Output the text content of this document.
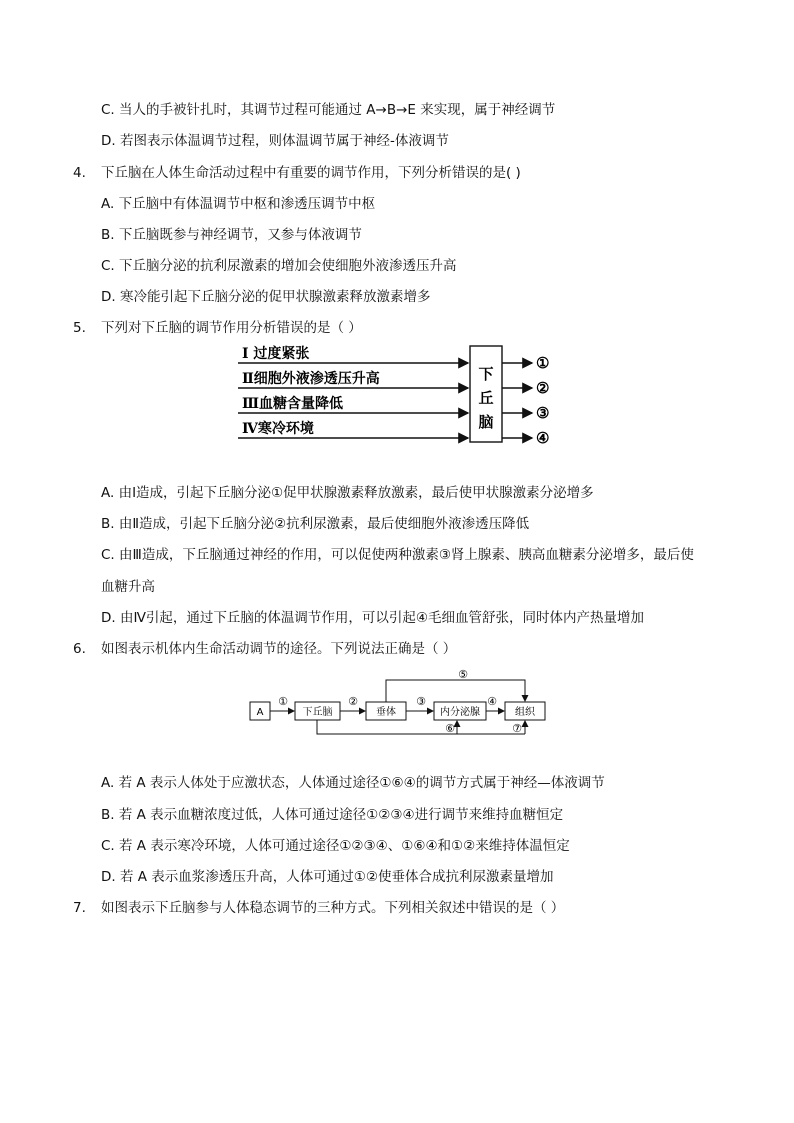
C. 当人的手被针扎时，其调节过程可能通过 A→B→E 来实现，属于神经调节
D. 若图表示体温调节过程，则体温调节属于神经-体液调节
4. 下丘脑在人体生命活动过程中有重要的调节作用，下列分析错误的是( )
A. 下丘脑中有体温调节中枢和渗透压调节中枢
B. 下丘脑既参与神经调节，又参与体液调节
C. 下丘脑分泌的抗利尿激素的增加会使细胞外液渗透压升高
D. 寒冷能引起下丘脑分泌的促甲状腺激素释放激素增多
5. 下列对下丘脑的调节作用分析错误的是（ ）
Ⅰ 过度紧张
Ⅱ细胞外液渗透压升高
Ⅲ血糖含量降低
Ⅳ寒冷环境
下
丘
脑
①
②
③
④
A. 由Ⅰ造成，引起下丘脑分泌①促甲状腺激素释放激素，最后使甲状腺激素分泌增多
B. 由Ⅱ造成，引起下丘脑分泌②抗利尿激素，最后使细胞外液渗透压降低
C. 由Ⅲ造成，下丘脑通过神经的作用，可以促使两种激素③肾上腺素、胰高血糖素分泌增多，最后使
血糖升高
D. 由Ⅳ引起，通过下丘脑的体温调节作用，可以引起④毛细血管舒张，同时体内产热量增加
6. 如图表示机体内生命活动调节的途径。下列说法正确是（ ）
A	下丘脑	垂体	内分泌腺	组织
①	②	③	④
⑤
⑥	⑦
A. 若 A 表示人体处于应激状态，人体通过途径①⑥④的调节方式属于神经—体液调节
B. 若 A 表示血糖浓度过低，人体可通过途径①②③④进行调节来维持血糖恒定
C. 若 A 表示寒冷环境，人体可通过途径①②③④、①⑥④和①②来维持体温恒定
D. 若 A 表示血浆渗透压升高，人体可通过①②使垂体合成抗利尿激素量增加
7. 如图表示下丘脑参与人体稳态调节的三种方式。下列相关叙述中错误的是（ ）
